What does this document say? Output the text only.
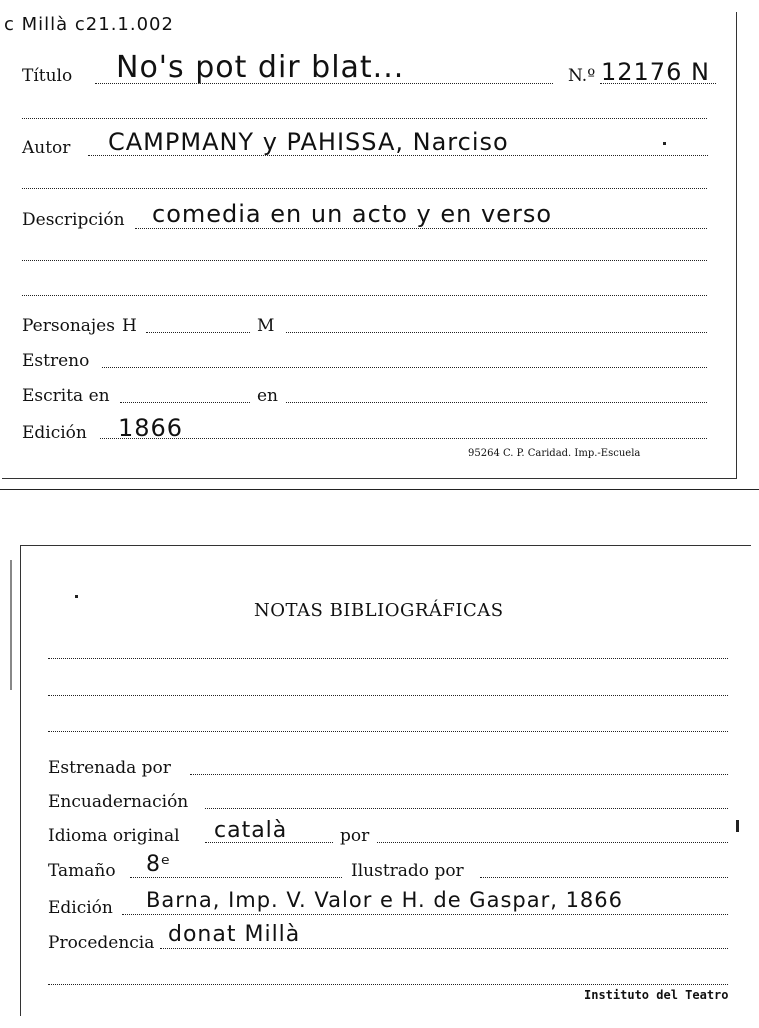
c Millà c21.1.002
Título No's pot dir blat...	N.º 12176 N
Autor CAMPMANY y PAHISSA, Narciso
Descripción comedia en un acto y en verso
Personajes H	M
Estreno
Escrita en	en
Edición 1866
95264 C. P. Caridad. Imp.-Escuela
NOTAS BIBLIOGRÁFICAS
Estrenada por
Encuadernación
Idioma original català	por
Tamaño 8ᵉ	Ilustrado por
Edición Barna, Imp. V. Valor e H. de Gaspar, 1866
Procedencia donat Millà
Instituto del Teatro
